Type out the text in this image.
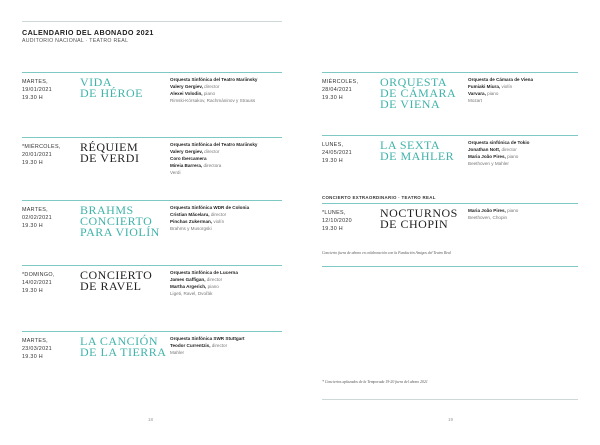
CALENDARIO DEL ABONADO 2021
AUDITORIO NACIONAL · TEATRO REAL
MARTES,
19/01/2021
19.30 H
VIDA
DE HÉROE
Orquesta Sinfónica del Teatro Mariinsky
Valery Gergiev, director
Alexei Volodin, piano
Rimski-Kórsakov, Rachmáninov y Strauss
*MIÉRCOLES,
20/01/2021
19.30 H
RÉQUIEM
DE VERDI
Orquesta Sinfónica del Teatro Mariinsky
Valery Gergiev, director
Coro Ibercamera
Mireia Barrera, directora
Verdi
MARTES,
02/02/2021
19.30 H
BRAHMS
CONCIERTO
PARA VIOLÍN
Orquesta Sinfónica WDR de Colonia
Cristian Măcelaru, director
Pinchas Zukerman, violín
Brahms y Musorgski
*DOMINGO,
14/02/2021
19.30 H
CONCIERTO
DE RAVEL
Orquesta Sinfónica de Lucerna
James Gaffigan, director
Martha Argerich, piano
Ligeti, Ravel, Dvořák
MARTES,
23/03/2021
19.30 H
LA CANCIÓN
DE LA TIERRA
Orquesta Sinfónica SWR Stuttgart
Teodor Currentzis, director
Mahler
MIÉRCOLES,
28/04/2021
19.30 H
ORQUESTA
DE CÁMARA
DE VIENA
Orquesta de Cámara de Viena
Fumiaki Miura, violín
Varvara, piano
Mozart
LUNES,
24/05/2021
19.30 H
LA SEXTA
DE MAHLER
Orquesta sinfónica de Tokio
Jonathan Nott, director
Maria João Pires, piano
Beethoven y Mahler
*LUNES,
12/10/2020
19.30 H
NOCTURNOS
DE CHOPIN
Maria João Pires, piano
Beethoven, Chopin
CONCIERTO EXTRAORDINARIO · TEATRO REAL
Concierto fuera de abono en colaboración con la Fundación Amigos del Teatro Real
* Conciertos aplazados de la Temporada 19-20 fuera del abono 2021
18	19
